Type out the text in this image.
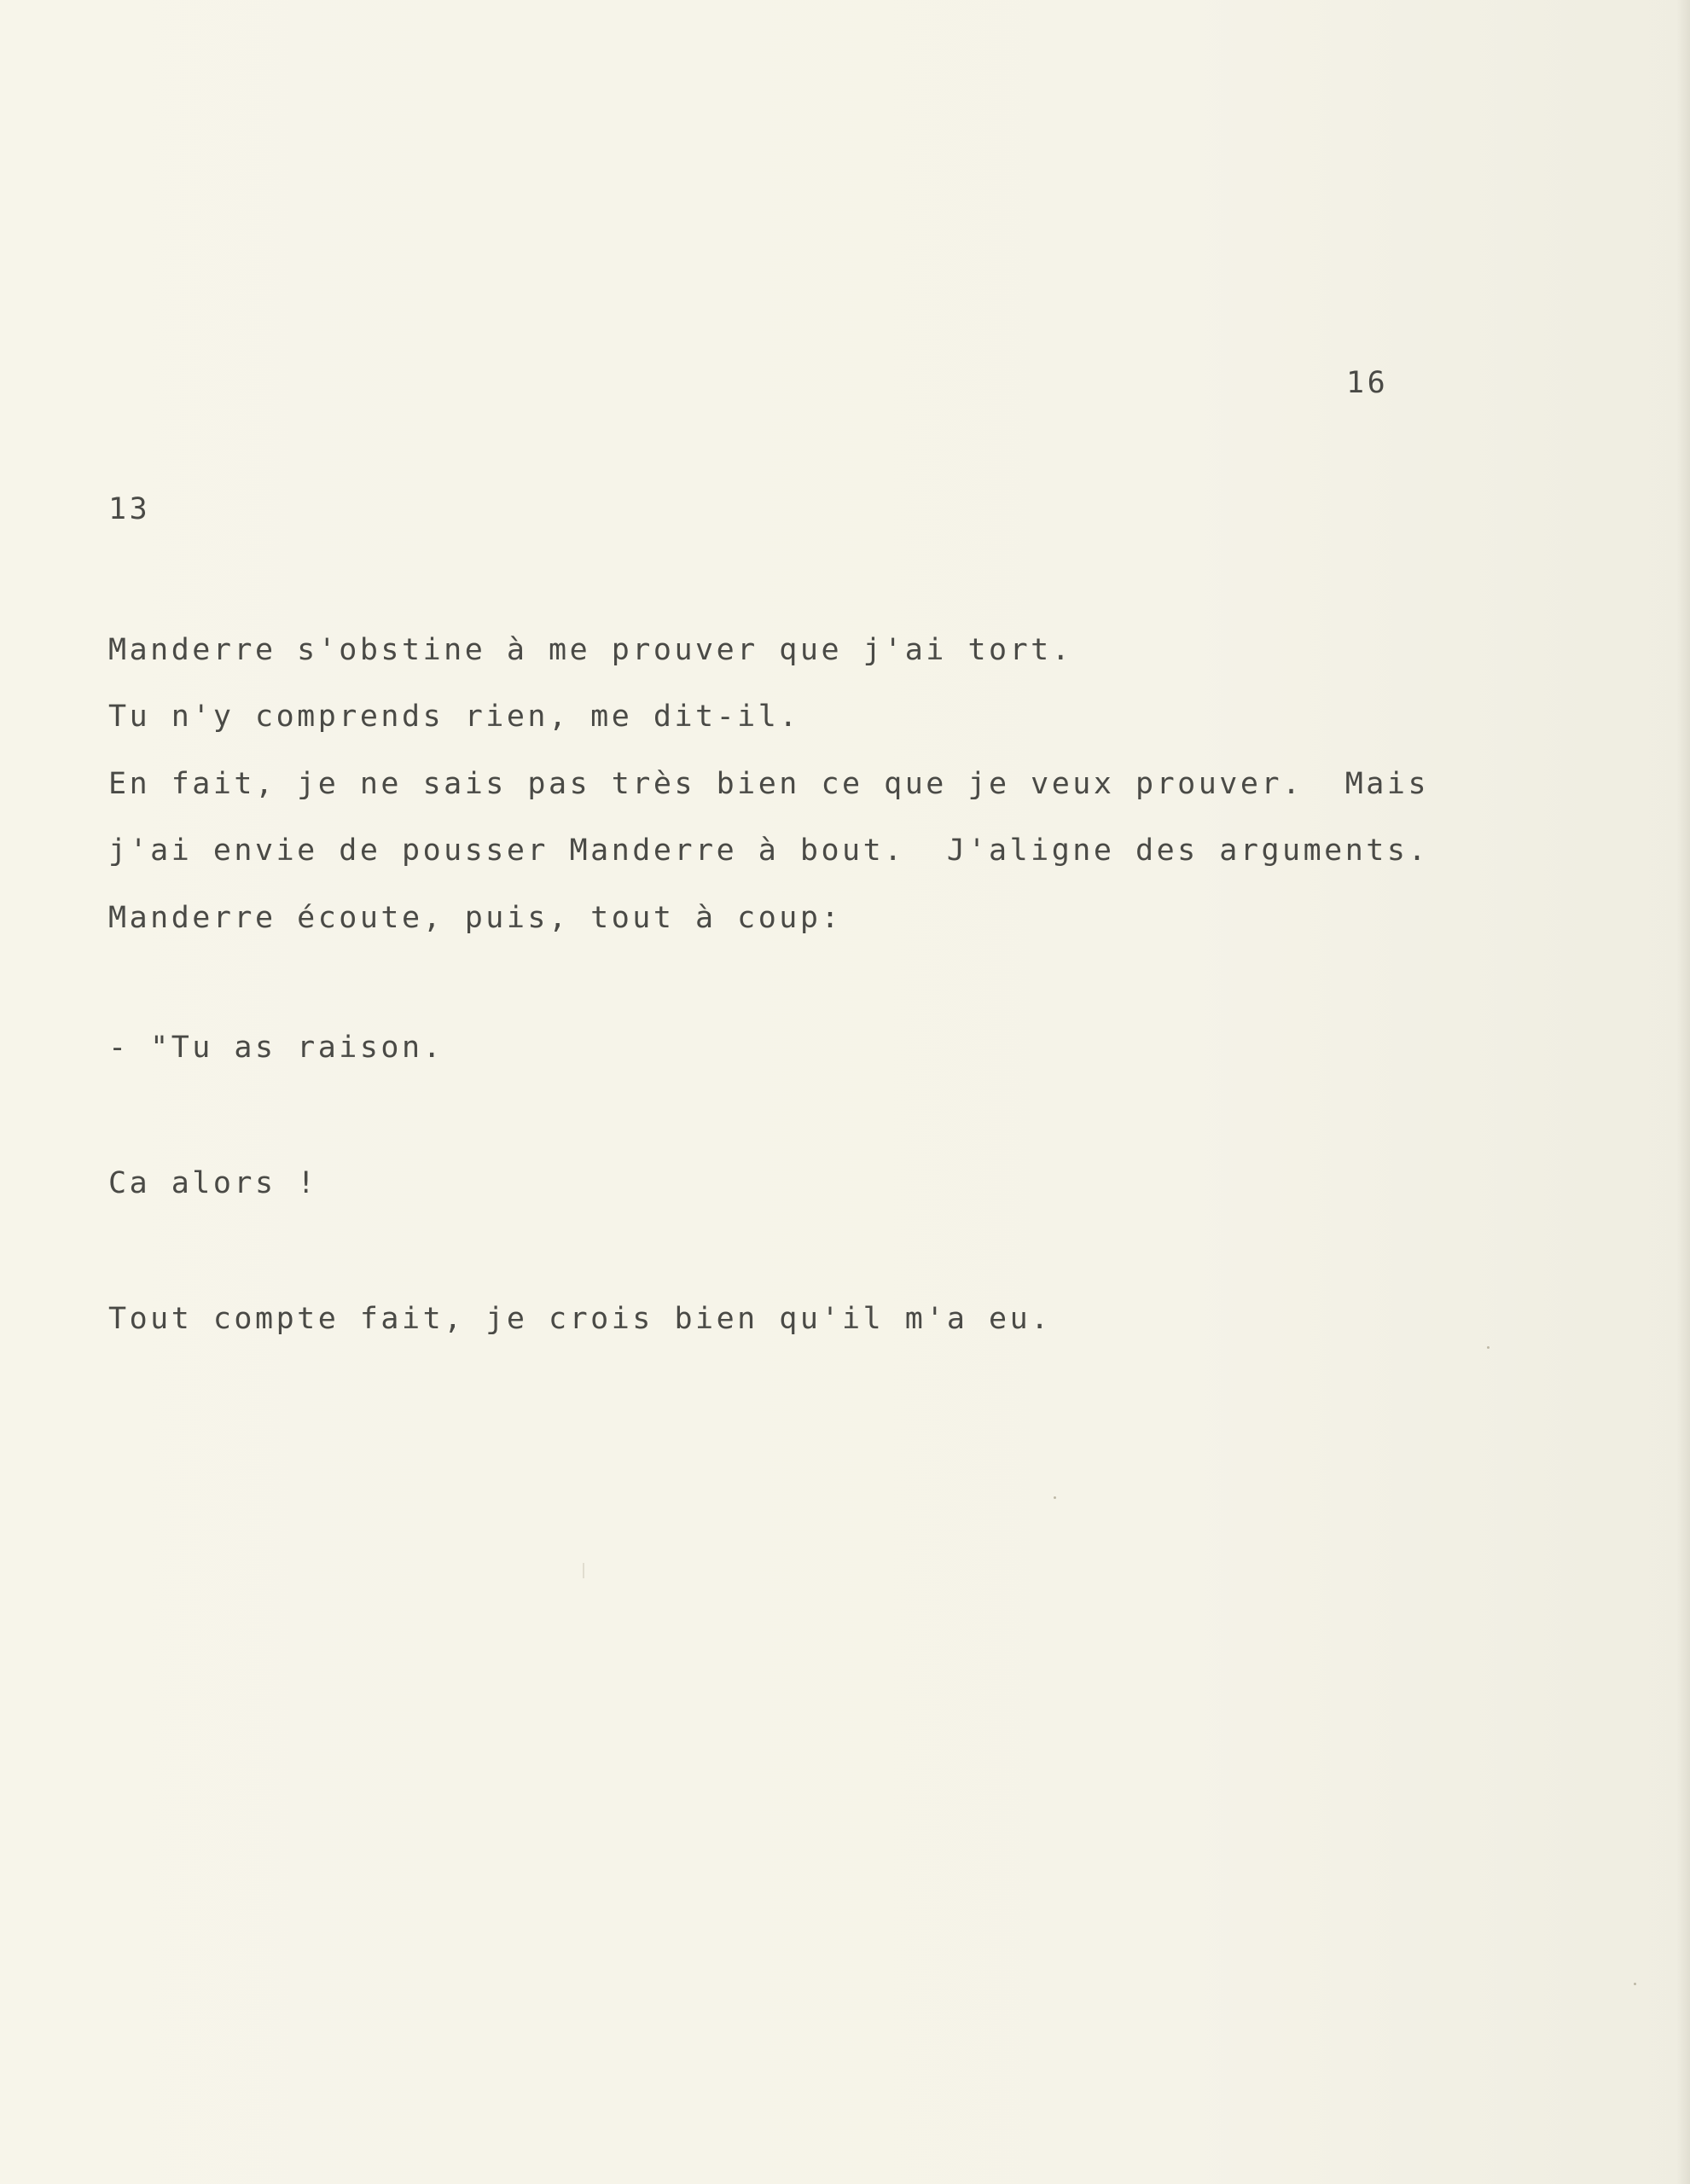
16
13
Manderre s'obstine à me prouver que j'ai tort.
Tu n'y comprends rien, me dit-il.
En fait, je ne sais pas très bien ce que je veux prouver.  Mais
j'ai envie de pousser Manderre à bout.  J'aligne des arguments.
Manderre écoute, puis, tout à coup:
- "Tu as raison.
Ca alors !
Tout compte fait, je crois bien qu'il m'a eu.
